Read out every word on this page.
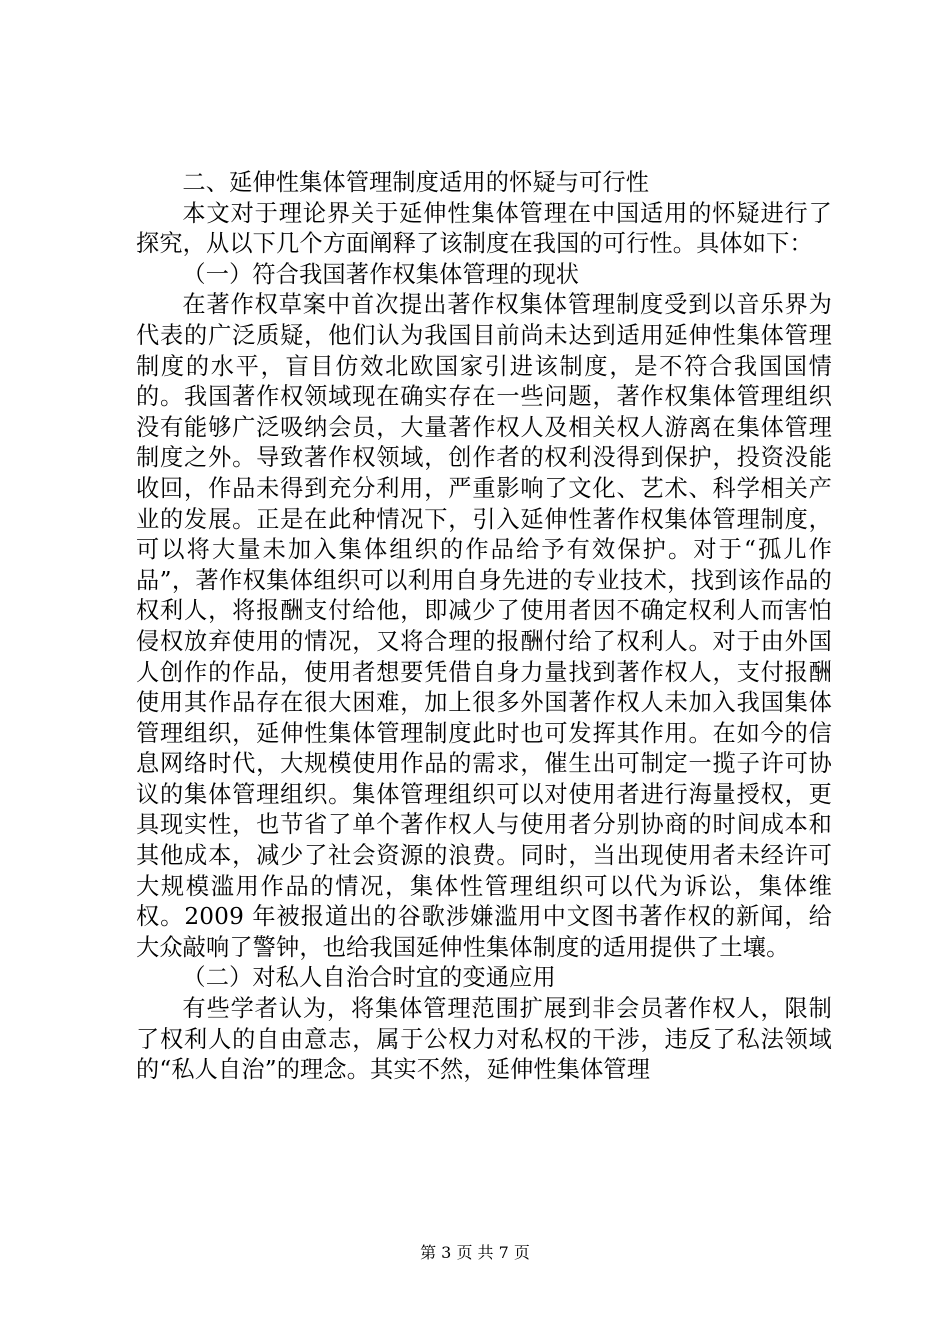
二、延伸性集体管理制度适用的怀疑与可行性

本文对于理论界关于延伸性集体管理在中国适用的怀疑进行了探究，从以下几个方面阐释了该制度在我国的可行性。具体如下：

（一）符合我国著作权集体管理的现状

在著作权草案中首次提出著作权集体管理制度受到以音乐界为代表的广泛质疑，他们认为我国目前尚未达到适用延伸性集体管理制度的水平，盲目仿效北欧国家引进该制度，是不符合我国国情的。我国著作权领域现在确实存在一些问题，著作权集体管理组织没有能够广泛吸纳会员，大量著作权人及相关权人游离在集体管理制度之外。导致著作权领域，创作者的权利没得到保护，投资没能收回，作品未得到充分利用，严重影响了文化、艺术、科学相关产业的发展。正是在此种情况下，引入延伸性著作权集体管理制度，可以将大量未加入集体组织的作品给予有效保护。对于“孤儿作品”，著作权集体组织可以利用自身先进的专业技术，找到该作品的权利人，将报酬支付给他，即减少了使用者因不确定权利人而害怕侵权放弃使用的情况，又将合理的报酬付给了权利人。对于由外国人创作的作品，使用者想要凭借自身力量找到著作权人，支付报酬使用其作品存在很大困难，加上很多外国著作权人未加入我国集体管理组织，延伸性集体管理制度此时也可发挥其作用。在如今的信息网络时代，大规模使用作品的需求，催生出可制定一揽子许可协议的集体管理组织。集体管理组织可以对使用者进行海量授权，更具现实性，也节省了单个著作权人与使用者分别协商的时间成本和其他成本，减少了社会资源的浪费。同时，当出现使用者未经许可大规模滥用作品的情况，集体性管理组织可以代为诉讼，集体维权。2009 年被报道出的谷歌涉嫌滥用中文图书著作权的新闻，给大众敲响了警钟，也给我国延伸性集体制度的适用提供了土壤。

（二）对私人自治合时宜的变通应用

有些学者认为，将集体管理范围扩展到非会员著作权人，限制了权利人的自由意志，属于公权力对私权的干涉，违反了私法领域的“私人自治”的理念。其实不然，延伸性集体管理

第 3 页 共 7 页
